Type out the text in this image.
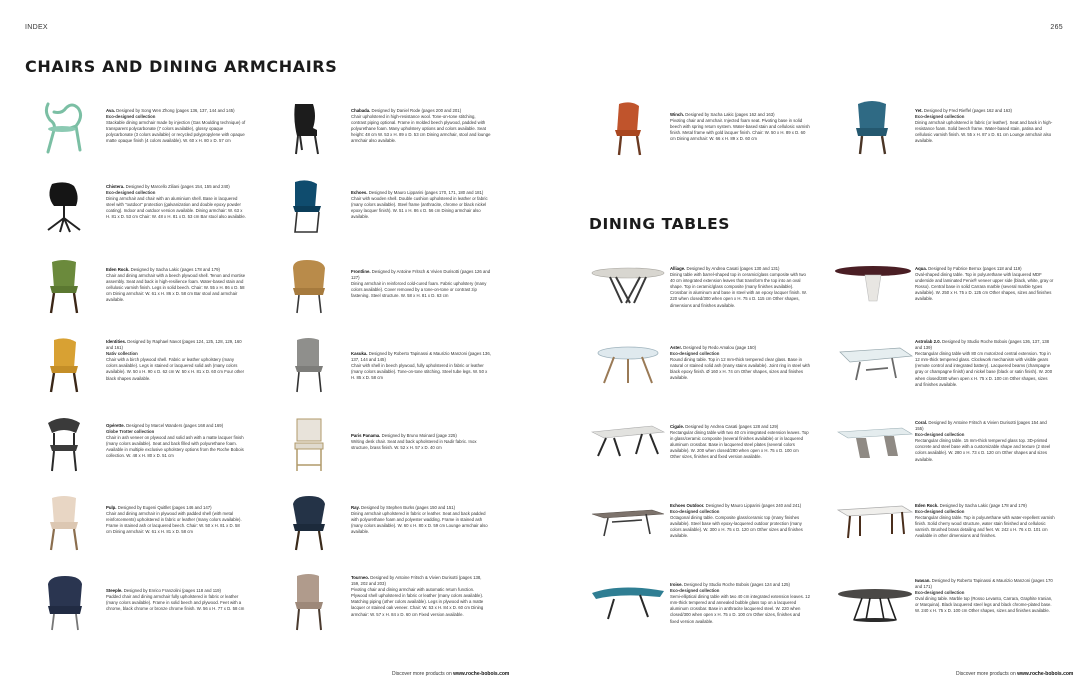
INDEX	265
CHAIRS AND DINING ARMCHAIRS
DINING TABLES
Ava. Designed by Song Wen Zhong (pages 136, 137, 144 and 145)
Eco-designed collection
Stackable dining armchair made by injection (Gas Moulding technique) of transparent polycarbonate (7 colors available), glossy opaque polycarbonate (3 colors available) or recycled polypropylene with opaque matte opaque finish (4 colors available). W. 60 x H. 80 x D. 57 cm
Chabada. Designed by Daniel Rode (pages 200 and 201)
Chair upholstered in high-resistance wool. Tone-on-tone stitching, contrast piping optional. Frame in molded beech plywood, padded with polyurethane foam. Many upholstery options and colors available. Seat height: 48 cm W. 53 x H. 89 x D. 53 cm Dining armchair, stool and lounge armchair also available.
Winch. Designed by Sacha Lakic (pages 162 and 163)
Pivoting chair and armchair. Injected foam seat. Pivoting base in solid beech with spring return system. Water-based stain and cellulosic varnish finish. Metal frame with gold lacquer finish. Chair: W. 50 x H. 89 x D. 60 cm Dining armchair: W. 66 x H. 89 x D. 60 cm
Yet. Designed by Fred Rieffel (pages 162 and 163)
Eco-designed collection
Dining armchair upholstered in fabric (or leather). Seat and back in high-resistance foam. Solid beech frame. Water-based stain, patina and cellulosic varnish finish. W. 55 x H. 87 x D. 61 cm Lounge armchair also available.
Chistera. Designed by Marcello Ziliani (pages 154, 155 and 240)
Eco-designed collection
Dining armchair and chair with an aluminium shell. Base in lacquered steel with "outdoor" protection (galvanization and double epoxy powder coating). Indoor and outdoor version available. Dining armchair: W. 63 x H. 81 x D. 53 cm Chair: W. 48 x H. 81 x D. 53 cm Bar stool also available.
Echoes. Designed by Mauro Lipparini (pages 170, 171, 180 and 181)
Chair with wooden shell. Double cushion upholstered in leather or fabric (many colors available). Steel frame (anthracite, chrome or black nickel epoxy lacquer finish). W. 51 x H. 86 x D. 56 cm Dining armchair also available.
Eden Rock. Designed by Sacha Lakic (pages 178 and 179)
Chair and dining armchair with a beech plywood shell. Tenon and mortise assembly. Seat and back in high-resilience foam. Water-based stain and cellulosic varnish finish. Legs in solid beech. Chair: W. 55 x H. 86 x D. 58 cm Dining armchair: W. 61 x H. 86 x D. 58 cm Bar stool and armchair available.
Frontline. Designed by Antoine Fritsch & Vivien Durisotti (pages 126 and 127)
Dining armchair in reinforced cold-cured foam. Fabric upholstery (many colors available). Cover removed by a tone-on-tone or contrast zip fastening. Steel structure. W. 58 x H. 81 x D. 63 cm
Identities. Designed by Raphael Navot (pages 124, 125, 128, 129, 160 and 161)
Nativ collection
Chair with a birch plywood shell. Fabric or leather upholstery (many colors available). Legs in stained or lacquered solid ash (many colors available). W. 50 x H. 90 x D. 62 cm W. 50 x H. 81 x D. 60 cm Four other black shapes available.
Kasuka. Designed by Roberto Tapinassi & Maurizio Manzoni (pages 136, 137, 144 and 145)
Chair with shell in beech plywood, fully upholstered in fabric or leather (many colors available). Tone-on-tone stitching. Steel tube legs. W. 50 x H. 85 x D. 58 cm
Opérette. Designed by Marcel Wanders (pages 168 and 169)
Globe Trotter collection
Chair in ash veneer on plywood and solid ash with a matte lacquer finish (many colors available). Seat and back filled with polyurethane foam. Available in multiple exclusive upholstery options from the Roche Bobois collection. W. 48 x H. 80 x D. 51 cm
Paris Panama. Designed by Bruno Moinard (page 225)
Writing desk chair. Seat and back upholstered in Nadir fabric. Inox structure, brass finish. W. 52 x H. 57 x D. 40 cm
Pulp. Designed by Eugeni Quitllet (pages 146 and 147)
Chair and dining armchair in plywood with padded shell (with metal reinforcements) upholstered in fabric or leather (many colors available). Frame in stained ash or lacquered beech. Chair: W. 50 x H. 81 x D. 58 cm Dining armchair: W. 61 x H. 81 x D. 58 cm
Ray. Designed by Stephen Burks (pages 150 and 151)
Dining armchair upholstered in fabric or leather. Seat and back padded with polyurethane foam and polyester wadding. Frame in stained ash (many colors available). W. 60 x H. 80 x D. 59 cm Lounge armchair also available.
Steeple. Designed by Enrico Franzolini (pages 118 and 119)
Padded chair and dining armchair fully upholstered in fabric or leather (many colors available). Frame in solid beech and plywood. Feet with a chrome, black chrome or bronze chrome finish. W. 56 x H. 77 x D. 58 cm
Tourneo. Designed by Antoine Fritsch & Vivien Durisotti (pages 138, 159, 202 and 203)
Pivoting chair and dining armchair with automatic return function. Plywood shell upholstered in fabric or leather (many colors available). Matching piping (other colors available). Legs in plywood with a matte lacquer or stained oak veneer. Chair: W. 53 x H. 84 x D. 60 cm Dining armchair: W. 57 x H. 84 x D. 60 cm Fixed version available.
Alliage. Designed by Andrea Casati (pages 130 and 131)
Dining table with barrel-shaped top in ceramic/glass composite with two 40 cm integrated extension leaves that transform the top into an oval shape. Top in ceramic/glass composite (many finishes available). Crossbar in aluminum and base in steel with an epoxy lacquer finish. W. 220 when closed/300 when open x H. 75 x D. 115 cm Other shapes, dimensions and finishes available.
Aqua. Designed by Fabrice Berrux (pages 118 and 119)
Oval-shaped dining table. Top in polyurethane with lacquered MDF underside and laminated Fenix® veneer upper side (black, white, gray or Rosso). Central base in solid Carrara marble (several marble types available). W. 250 x H. 75 x D. 125 cm Other shapes, sizes and finishes available.
Aster. Designed by Redo Amalou (page 150)
Eco-designed collection
Round dining table. Top in 12 mm-thick tempered clear glass. Base in natural or stained solid ash (many stains available). Joint ring in steel with black epoxy finish. Ø 160 x H. 74 cm Other shapes, sizes and finishes available.
Astrolab 2.0. Designed by Studio Roche Bobois (pages 136, 137, 138 and 139)
Rectangular dining table with 80 cm motorized central extension. Top in 12 mm-thick tempered glass. Clockwork mechanism with visible gears (remote control and integrated battery). Lacquered beams (champagne gray or champagne finish) and nickel base (black or satin finish). W. 200 when closed/280 when open x H. 75 x D. 100 cm Other shapes, sizes and finishes available.
Cigale. Designed by Andrea Casati (pages 128 and 129)
Rectangular dining table with two 40 cm integrated extension leaves. Top in glass/ceramic composite (several finishes available) or in lacquered aluminum crossbar. Base in lacquered steel plates (several colors available). W. 200 when closed/280 when open x H. 75 x D. 100 cm Other sizes, finishes and fixed version available.
Coral. Designed by Antoine Fritsch & Vivien Durisotti (pages 154 and 155)
Eco-designed collection
Rectangular dining table. 15 mm-thick tempered glass top. 3D-printed concrete and steel base with a customizable shape and texture (2 steel colors available). W. 280 x H. 73 x D. 120 cm Other shapes and sizes available.
Echoes Outdoor. Designed by Mauro Lipparini (pages 240 and 241)
Eco-designed collection
Octagonal dining table. Composite glass/ceramic top (many finishes available). Steel base with epoxy-lacquered outdoor protection (many colors available). W. 300 x H. 75 x D. 120 cm Other sizes and finishes available.
Eden Rock. Designed by Sacha Lakic (page 178 and 179)
Eco-designed collection
Rectangular dining table. Top in polyurethane with water-repellent varnish finish. Solid cherry wood structure, water stain finished and cellulosic varnish. Brushed brass detailing and feet. W. 242 x H. 76 x D. 101 cm Available in other dimensions and finishes.
Iroise. Designed by Studio Roche Bobois (pages 124 and 125)
Eco-designed collection
Semi-elliptical dining table with two 40 cm integrated extension leaves. 12 mm-thick tempered and annealed bubble glass top on a lacquered aluminum crossbar. Base in anthracite lacquered steel. W. 220 when closed/300 when open x H. 75 x D. 100 cm Other sizes, finishes and fixed version available.
Iwasan. Designed by Roberto Tapinassi & Maurizio Manzoni (pages 170 and 171)
Eco-designed collection
Oval dining table. Marble top (Rosso Levanto, Carrara, Graphite Iranian, or Marquina). Black lacquered steel legs and black chrome-plated base. W. 240 x H. 75 x D. 100 cm Other shapes, sizes and finishes available.
Discover more products on www.roche-bobois.com	Discover more products on www.roche-bobois.com
